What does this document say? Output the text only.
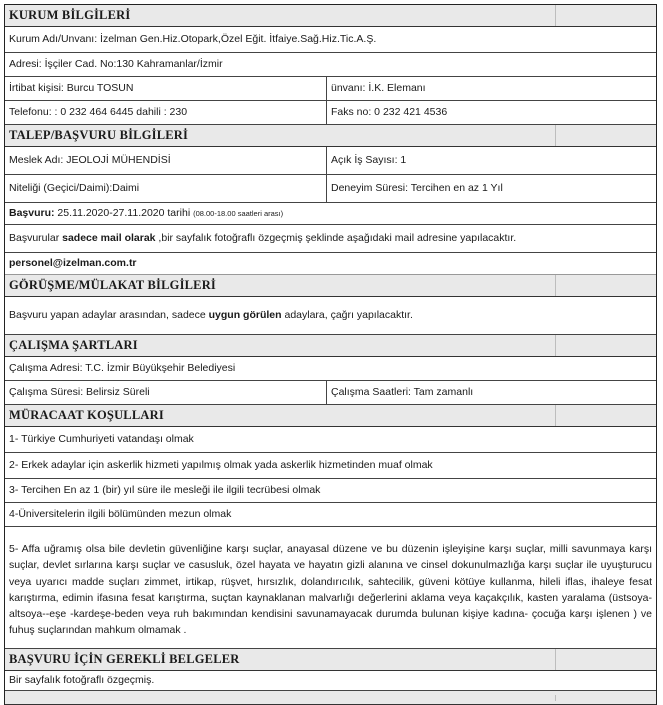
KURUM BİLGİLERİ
Kurum Adı/Unvanı: İzelman Gen.Hiz.Otopark,Özel Eğit. İtfaiye.Sağ.Hiz.Tic.A.Ş.
Adresi: İşçiler Cad. No:130 Kahramanlar/İzmir
İrtibat kişisi: Burcu TOSUN	ünvanı: İ.K. Elemanı
Telefonu: : 0 232 464 6445 dahili : 230	Faks no: 0 232 421 4536
TALEP/BAŞVURU BİLGİLERİ
Meslek Adı: JEOLOJİ MÜHENDİSİ	Açık İş Sayısı: 1
Niteliği (Geçici/Daimi):Daimi	Deneyim Süresi: Tercihen en az 1 Yıl
Başvuru: 25.11.2020-27.11.2020 tarihi (08.00-18.00 saatleri arası)
Başvurular sadece mail olarak ,bir sayfalık fotoğraflı özgeçmiş şeklinde aşağıdaki mail adresine yapılacaktır.
personel@izelman.com.tr
GÖRÜŞME/MÜLAKAT BİLGİLERİ
Başvuru yapan adaylar arasından, sadece uygun görülen adaylara, çağrı yapılacaktır.
ÇALIŞMA ŞARTLARI
Çalışma Adresi: T.C. İzmir Büyükşehir Belediyesi
Çalışma Süresi: Belirsiz Süreli	Çalışma Saatleri: Tam zamanlı
MÜRACAAT KOŞULLARI
1- Türkiye Cumhuriyeti vatandaşı olmak
2- Erkek adaylar için askerlik hizmeti yapılmış olmak yada askerlik hizmetinden muaf olmak
3- Tercihen En az 1 (bir) yıl süre ile mesleği ile ilgili tecrübesi olmak
4-Üniversitelerin ilgili bölümünden mezun olmak
5- Affa uğramış olsa bile devletin güvenliğine karşı suçlar, anayasal düzene ve bu düzenin işleyişine karşı suçlar, milli savunmaya karşı suçlar, devlet sırlarına karşı suçlar ve casusluk, özel hayata ve hayatın gizli alanına ve cinsel dokunulmazlığa karşı suçlar ile uyuşturucu veya uyarıcı madde suçları zimmet, irtikap, rüşvet, hırsızlık, dolandırıcılık, sahtecilik, güveni kötüye kullanma, hileli iflas, ihaleye fesat karıştırma, edimin ifasına fesat karıştırma, suçtan kaynaklanan malvarlığı değerlerini aklama veya kaçakçılık, kasten yaralama (üstsoya-altsoya--eşe -kardeşe-beden veya ruh bakımından kendisini savunamayacak durumda bulunan kişiye kadına- çocuğa karşı işlenen ) ve fuhuş suçlarından mahkum olmamak .
BAŞVURU İÇİN GEREKLİ BELGELER
Bir sayfalık fotoğraflı özgeçmiş.
